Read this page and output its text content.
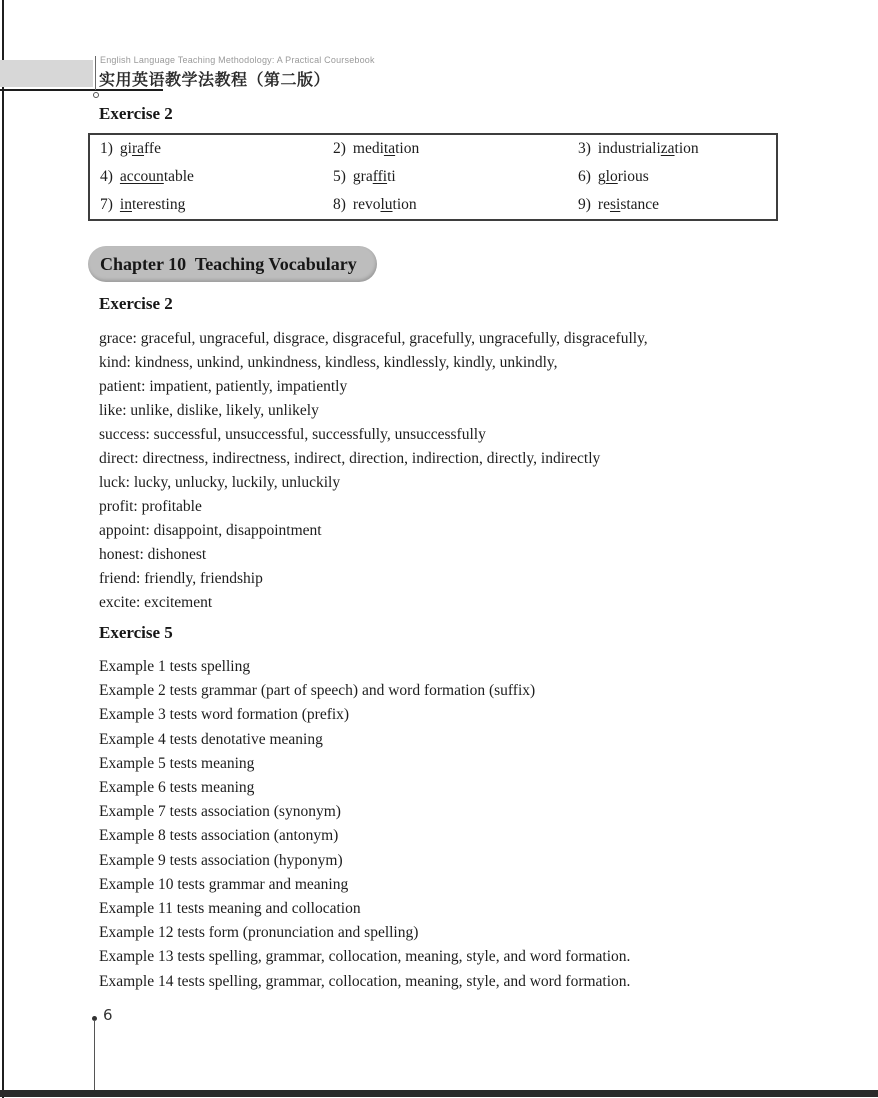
English Language Teaching Methodology: A Practical Coursebook
实用英语教学法教程（第二版）
Exercise 2
1) giraffe	2) meditation	3) industrialization
4) accountable	5) graffiti	6) glorious
7) interesting	8) revolution	9) resistance
Chapter 10  Teaching Vocabulary
Exercise 2
grace: graceful, ungraceful, disgrace, disgraceful, gracefully, ungracefully, disgracefully,
kind: kindness, unkind, unkindness, kindless, kindlessly, kindly, unkindly,
patient: impatient, patiently, impatiently
like: unlike, dislike, likely, unlikely
success: successful, unsuccessful, successfully, unsuccessfully
direct: directness, indirectness, indirect, direction, indirection, directly, indirectly
luck: lucky, unlucky, luckily, unluckily
profit: profitable
appoint: disappoint, disappointment
honest: dishonest
friend: friendly, friendship
excite: excitement
Exercise 5
Example 1 tests spelling
Example 2 tests grammar (part of speech) and word formation (suffix)
Example 3 tests word formation (prefix)
Example 4 tests denotative meaning
Example 5 tests meaning
Example 6 tests meaning
Example 7 tests association (synonym)
Example 8 tests association (antonym)
Example 9 tests association (hyponym)
Example 10 tests grammar and meaning
Example 11 tests meaning and collocation
Example 12 tests form (pronunciation and spelling)
Example 13 tests spelling, grammar, collocation, meaning, style, and word formation.
Example 14 tests spelling, grammar, collocation, meaning, style, and word formation.
6
